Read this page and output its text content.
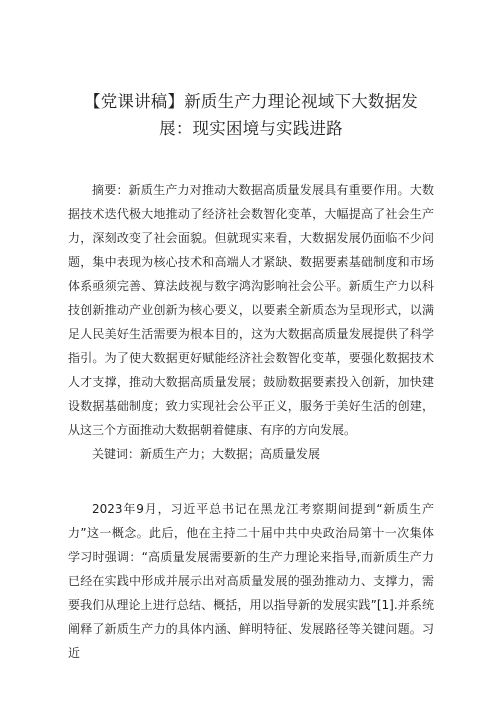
【党课讲稿】新质生产力理论视域下大数据发展：现实困境与实践进路

摘要：新质生产力对推动大数据高质量发展具有重要作用。大数据技术迭代极大地推动了经济社会数智化变革，大幅提高了社会生产力，深刻改变了社会面貌。但就现实来看，大数据发展仍面临不少问题，集中表现为核心技术和高端人才紧缺、数据要素基础制度和市场体系亟须完善、算法歧视与数字鸿沟影响社会公平。新质生产力以科技创新推动产业创新为核心要义，以要素全新质态为呈现形式，以满足人民美好生活需要为根本目的，这为大数据高质量发展提供了科学指引。为了使大数据更好赋能经济社会数智化变革，要强化数据技术人才支撑，推动大数据高质量发展；鼓励数据要素投入创新，加快建设数据基础制度；致力实现社会公平正义，服务于美好生活的创建，从这三个方面推动大数据朝着健康、有序的方向发展。

关键词：新质生产力；大数据；高质量发展

2023年9月，习近平总书记在黑龙江考察期间提到“新质生产力”这一概念。此后，他在主持二十届中共中央政治局第十一次集体学习时强调：“高质量发展需要新的生产力理论来指导,而新质生产力已经在实践中形成并展示出对高质量发展的强劲推动力、支撑力，需要我们从理论上进行总结、概括，用以指导新的发展实践”[1].并系统阐释了新质生产力的具体内涵、鲜明特征、发展路径等关键问题。习近
